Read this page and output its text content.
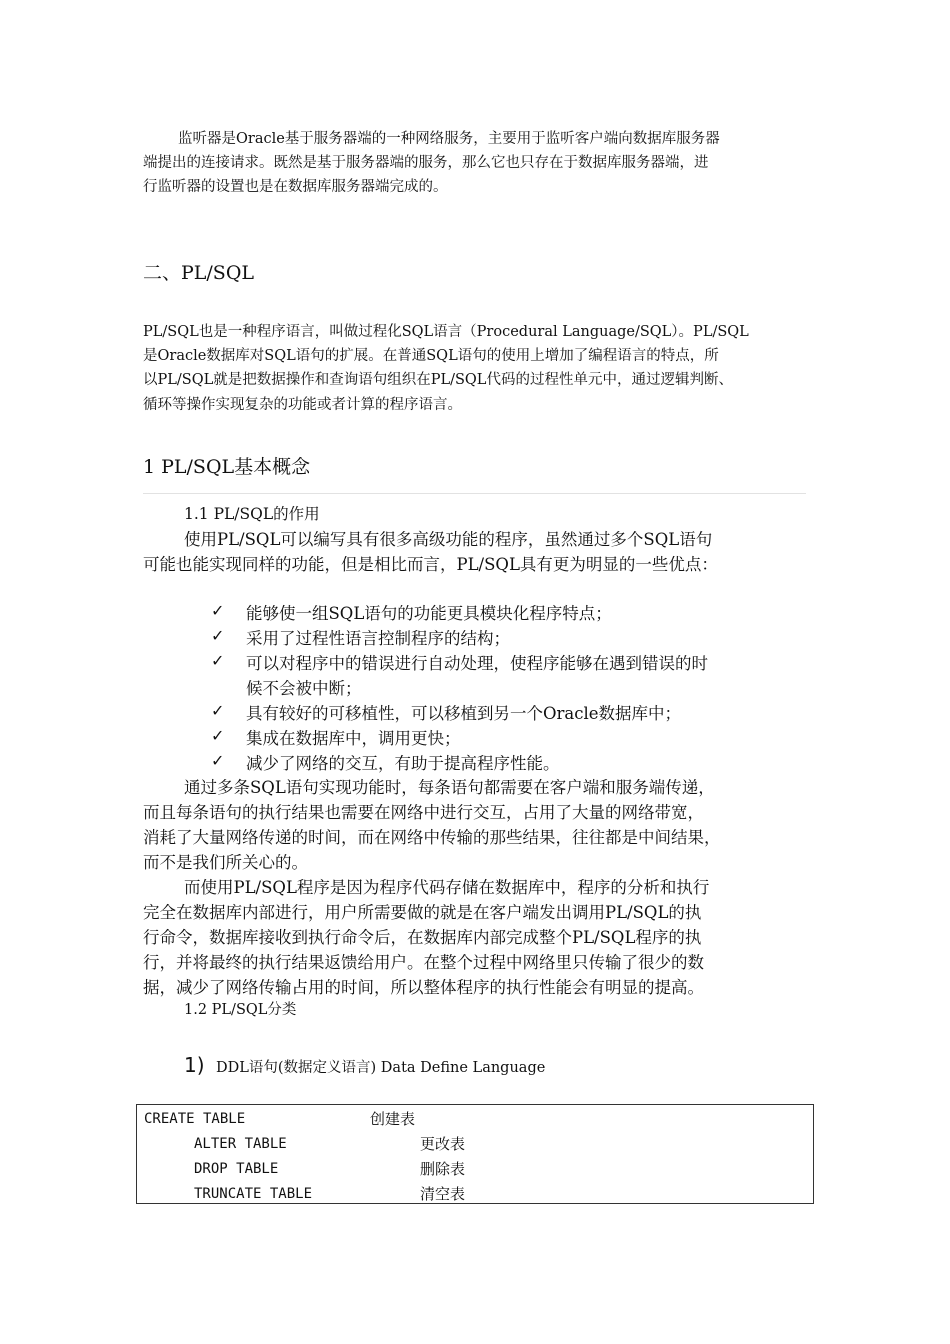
监听器是Oracle基于服务器端的一种网络服务，主要用于监听客户端向数据库服务器

端提出的连接请求。既然是基于服务器端的服务，那么它也只存在于数据库服务器端，进

行监听器的设置也是在数据库服务器端完成的。

二、PL/SQL

PL/SQL也是一种程序语言，叫做过程化SQL语言（Procedural Language/SQL）。PL/SQL

是Oracle数据库对SQL语句的扩展。在普通SQL语句的使用上增加了编程语言的特点，所

以PL/SQL就是把数据操作和查询语句组织在PL/SQL代码的过程性单元中，通过逻辑判断、

循环等操作实现复杂的功能或者计算的程序语言。

1 PL/SQL基本概念
1.1 PL/SQL的作用

使用PL/SQL可以编写具有很多高级功能的程序，虽然通过多个SQL语句

可能也能实现同样的功能，但是相比而言，PL/SQL具有更为明显的一些优点：

✓ 能够使一组SQL语句的功能更具模块化程序特点；

✓ 采用了过程性语言控制程序的结构；

✓ 可以对程序中的错误进行自动处理，使程序能够在遇到错误的时

候不会被中断；

✓ 具有较好的可移植性，可以移植到另一个Oracle数据库中；

✓ 集成在数据库中，调用更快；

✓ 减少了网络的交互，有助于提高程序性能。

通过多条SQL语句实现功能时，每条语句都需要在客户端和服务端传递，

而且每条语句的执行结果也需要在网络中进行交互，占用了大量的网络带宽，

消耗了大量网络传递的时间，而在网络中传输的那些结果，往往都是中间结果，

而不是我们所关心的。

而使用PL/SQL程序是因为程序代码存储在数据库中，程序的分析和执行

完全在数据库内部进行，用户所需要做的就是在客户端发出调用PL/SQL的执

行命令，数据库接收到执行命令后，在数据库内部完成整个PL/SQL程序的执

行，并将最终的执行结果返馈给用户。在整个过程中网络里只传输了很少的数

据，减少了网络传输占用的时间，所以整体程序的执行性能会有明显的提高。

1.2 PL/SQL分类
1) DDL语句(数据定义语言) Data Define Language

CREATE TABLE	创建表
ALTER TABLE	更改表
DROP TABLE	删除表
TRUNCATE TABLE	清空表
